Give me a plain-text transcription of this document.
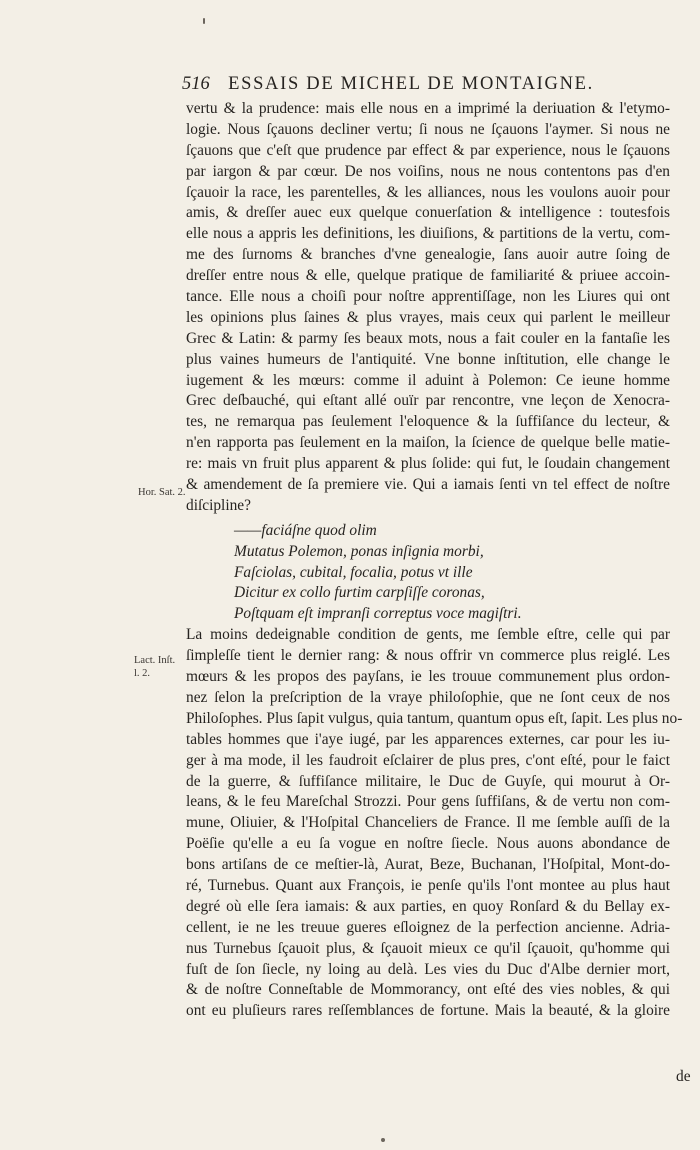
516 ESSAIS DE MICHEL DE MONTAIGNE.
vertu & la prudence: mais elle nous en a imprimé la deriuation & l'etymo-
logie. Nous ſçauons decliner vertu; ſi nous ne ſçauons l'aymer. Si nous ne
ſçauons que c'eſt que prudence par effect & par experience, nous le ſçauons
par iargon & par cœur. De nos voiſins, nous ne nous contentons pas d'en
ſçauoir la race, les parentelles, & les alliances, nous les voulons auoir pour
amis, & dreſſer auec eux quelque conuerſation & intelligence : toutesfois
elle nous a appris les definitions, les diuiſions, & partitions de la vertu, com-
me des ſurnoms & branches d'vne genealogie, ſans auoir autre ſoing de
dreſſer entre nous & elle, quelque pratique de familiarité & priuee accoin-
tance. Elle nous a choiſi pour noſtre apprentiſſage, non les Liures qui ont
les opinions plus ſaines & plus vrayes, mais ceux qui parlent le meilleur
Grec & Latin: & parmy ſes beaux mots, nous a fait couler en la fantaſie les
plus vaines humeurs de l'antiquité. Vne bonne inſtitution, elle change le
iugement & les mœurs: comme il aduint à Polemon: Ce ieune homme
Grec deſbauché, qui eſtant allé ouïr par rencontre, vne leçon de Xenocra-
tes, ne remarqua pas ſeulement l'eloquence & la ſuffiſance du lecteur, &
n'en rapporta pas ſeulement en la maiſon, la ſcience de quelque belle matie-
re: mais vn fruit plus apparent & plus ſolide: qui fut, le ſoudain changement
& amendement de ſa premiere vie. Qui a iamais ſenti vn tel effect de noſtre
diſcipline?
——faciáſne quod olim
Mutatus Polemon, ponas inſignia morbi,
Faſciolas, cubital, focalia, potus vt ille
Dicitur ex collo furtim carpſiſſe coronas,
Poſtquam eſt impranſi correptus voce magiſtri.
La moins dedeignable condition de gents, me ſemble eſtre, celle qui par
ſimpleſſe tient le dernier rang: & nous offrir vn commerce plus reiglé. Les
mœurs & les propos des payſans, ie les trouue communement plus ordon-
nez ſelon la preſcription de la vraye philoſophie, que ne ſont ceux de nos
Philoſophes. Plus ſapit vulgus, quia tantum, quantum opus eſt, ſapit. Les plus no-
tables hommes que i'aye iugé, par les apparences externes, car pour les iu-
ger à ma mode, il les faudroit eſclairer de plus pres, c'ont eſté, pour le faict
de la guerre, & ſuffiſance militaire, le Duc de Guyſe, qui mourut à Or-
leans, & le feu Mareſchal Strozzi. Pour gens ſuffiſans, & de vertu non com-
mune, Oliuier, & l'Hoſpital Chanceliers de France. Il me ſemble auſſi de la
Poëſie qu'elle a eu ſa vogue en noſtre ſiecle. Nous auons abondance de
bons artiſans de ce meſtier-là, Aurat, Beze, Buchanan, l'Hoſpital, Mont-do-
ré, Turnebus. Quant aux François, ie penſe qu'ils l'ont montee au plus haut
degré où elle ſera iamais: & aux parties, en quoy Ronſard & du Bellay ex-
cellent, ie ne les treuue gueres eſloignez de la perfection ancienne. Adria-
nus Turnebus ſçauoit plus, & ſçauoit mieux ce qu'il ſçauoit, qu'homme qui
fuſt de ſon ſiecle, ny loing au delà. Les vies du Duc d'Albe dernier mort,
& de noſtre Conneſtable de Mommorancy, ont eſté des vies nobles, & qui
ont eu pluſieurs rares reſſemblances de fortune. Mais la beauté, & la gloire
Hor. Sat. 2.
Lact. Inſt. l. 2.
de
